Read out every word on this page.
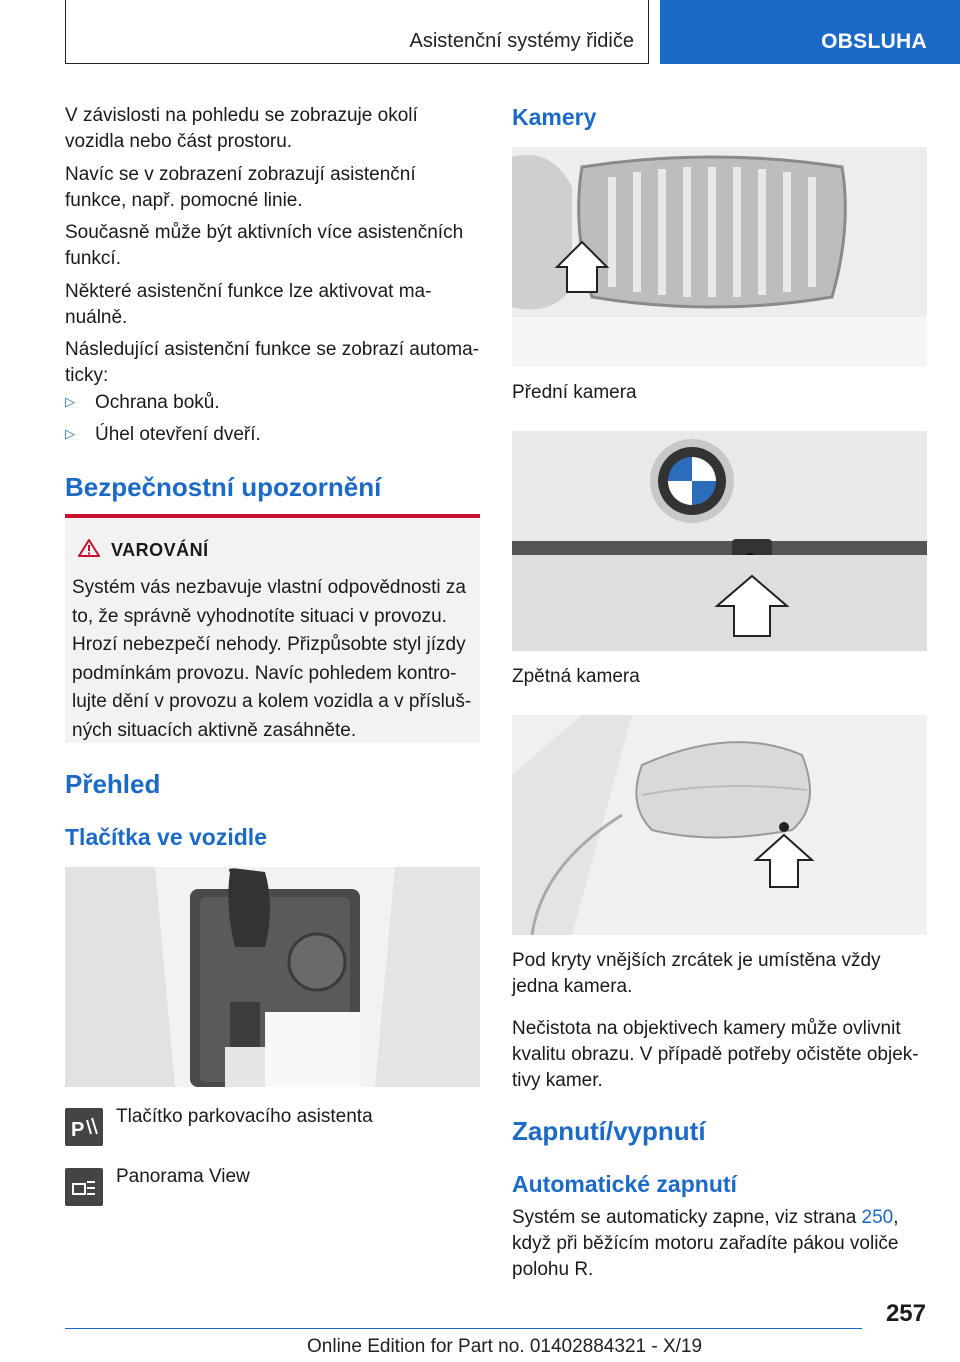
Asistenční systémy řidiče	OBSLUHA

V závislosti na pohledu se zobrazuje okolí vozidla nebo část prostoru.

Navíc se v zobrazení zobrazují asistenční funkce, např. pomocné linie.

Současně může být aktivních více asistenčních funkcí.

Některé asistenční funkce lze aktivovat ma-nuálně.

Následující asistenční funkce se zobrazí automa-ticky:

▷ Ochrana boků.
▷ Úhel otevření dveří.
Bezpečnostní upozornění
VAROVÁNÍ
Systém vás nezbavuje vlastní odpovědnosti za to, že správně vyhodnotíte situaci v provozu. Hrozí nebezpečí nehody. Přizpůsobte styl jízdy podmínkám provozu. Navíc pohledem kontro-lujte dění v provozu a kolem vozidla a v přísluš-ných situacích aktivně zasáhněte.
Přehled
Tlačítka ve vozidle
P
Tlačítko parkovacího asistenta
Panorama View
Kamery
Přední kamera
Zpětná kamera

Pod kryty vnějších zrcátek je umístěna vždy jedna kamera.

Nečistota na objektivech kamery může ovlivnit kvalitu obrazu. V případě potřeby očistěte objek-tivy kamer.

Zapnutí/vypnutí
Automatické zapnutí

Systém se automaticky zapne, viz strana 250, když při běžícím motoru zařadíte pákou voliče polohu R.

257
Online Edition for Part no. 01402884321 - X/19
